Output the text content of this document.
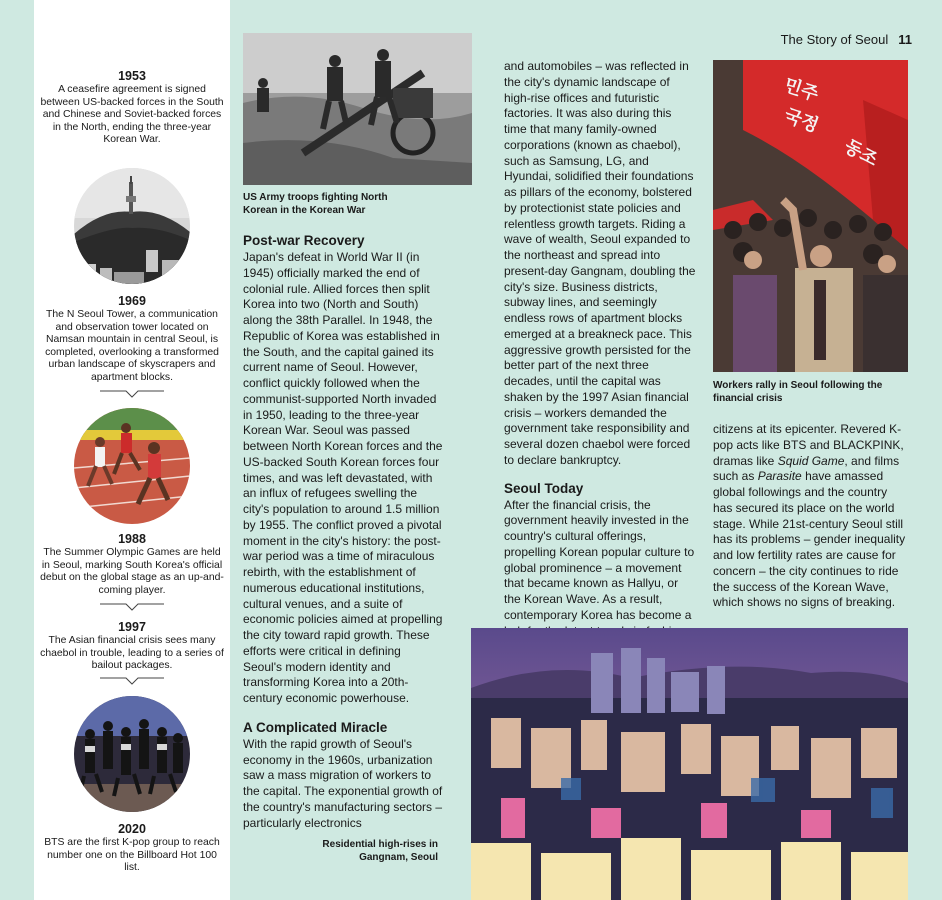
1953
A ceasefire agreement is signed between US-backed forces in the South and Chinese and Soviet-backed forces in the North, ending the three-year Korean War.
1969
The N Seoul Tower, a communication and observation tower located on Namsan mountain in central Seoul, is completed, overlooking a transformed urban landscape of skyscrapers and apartment blocks.
1988
The Summer Olympic Games are held in Seoul, marking South Korea's official debut on the global stage as an up-and-coming player.
1997
The Asian financial crisis sees many chaebol in trouble, leading to a series of bailout packages.
2020
BTS are the first K-pop group to reach number one on the Billboard Hot 100 list.
The Story of Seoul 11
US Army troops fighting North Korean in the Korean War
Post-war Recovery

Japan's defeat in World War II (in 1945) officially marked the end of colonial rule. Allied forces then split Korea into two (North and South) along the 38th Parallel. In 1948, the Republic of Korea was established in the South, and the capital gained its current name of Seoul. However, conflict quickly followed when the communist-supported North invaded in 1950, leading to the three-year Korean War. Seoul was passed between North Korean forces and the US-backed South Korean forces four times, and was left devastated, with an influx of refugees swelling the city's population to around 1.5 million by 1955. The conflict proved a pivotal moment in the city's history: the post-war period was a time of miraculous rebirth, with the establishment of numerous educational institutions, cultural venues, and a suite of economic policies aimed at propelling the city toward rapid growth. These efforts were critical in defining Seoul's modern identity and transforming Korea into a 20th-century economic powerhouse.

A Complicated Miracle

With the rapid growth of Seoul's economy in the 1960s, urbanization saw a mass migration of workers to the capital. The exponential growth of the country's manufacturing sectors – particularly electronics

and automobiles – was reflected in the city's dynamic landscape of high-rise offices and futuristic factories. It was also during this time that many family-owned corporations (known as chaebol), such as Samsung, LG, and Hyundai, solidified their foundations as pillars of the economy, bolstered by protectionist state policies and relentless growth targets. Riding a wave of wealth, Seoul expanded to the northeast and spread into present-day Gangnam, doubling the city's size. Business districts, subway lines, and seemingly endless rows of apartment blocks emerged at a breakneck pace. This aggressive growth persisted for the better part of the next three decades, until the capital was shaken by the 1997 Asian financial crisis – workers demanded the government take responsibility and several dozen chaebol were forced to declare bankruptcy.

Seoul Today

After the financial crisis, the government heavily invested in the country's cultural offerings, propelling Korean popular culture to global prominence – a movement that became known as Hallyu, or the Korean Wave. As a result, contemporary Korea has become a

민주
국정
동조
Workers rally in Seoul following the financial crisis

citizens at its epicenter. Revered K-pop acts like BTS and BLACKPINK, dramas like Squid Game, and films such as Parasite have amassed global followings and the country has secured its place on the world stage. While 21st-century Seoul still has its problems – gender inequality and low fertility rates are cause for concern – the city continues to ride the success of the Korean Wave, which shows no signs of breaking.

Residential high-rises in Gangnam, Seoul
